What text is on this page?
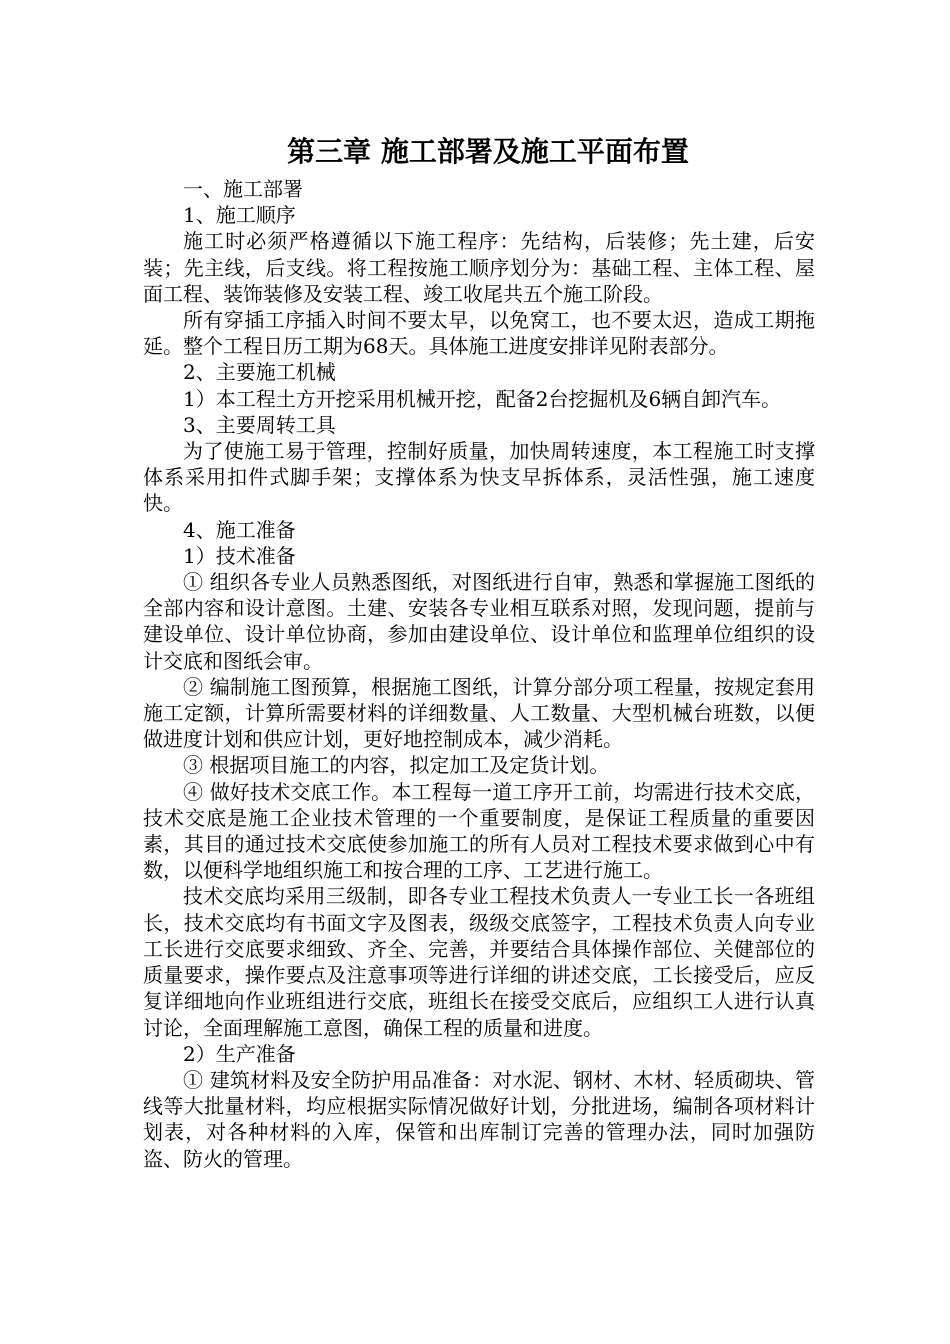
第三章 施工部署及施工平面布置

一、施工部署

1、施工顺序

施工时必须严格遵循以下施工程序：先结构，后装修；先土建，后安装；先主线，后支线。将工程按施工顺序划分为：基础工程、主体工程、屋面工程、装饰装修及安装工程、竣工收尾共五个施工阶段。

所有穿插工序插入时间不要太早，以免窝工，也不要太迟，造成工期拖延。整个工程日历工期为68天。具体施工进度安排详见附表部分。

2、主要施工机械

1）本工程土方开挖采用机械开挖，配备2台挖掘机及6辆自卸汽车。

3、主要周转工具

为了使施工易于管理，控制好质量，加快周转速度，本工程施工时支撑体系采用扣件式脚手架；支撑体系为快支早拆体系，灵活性强，施工速度快。

4、施工准备

1）技术准备

① 组织各专业人员熟悉图纸，对图纸进行自审，熟悉和掌握施工图纸的全部内容和设计意图。土建、安装各专业相互联系对照，发现问题，提前与建设单位、设计单位协商，参加由建设单位、设计单位和监理单位组织的设计交底和图纸会审。

② 编制施工图预算，根据施工图纸，计算分部分项工程量，按规定套用施工定额，计算所需要材料的详细数量、人工数量、大型机械台班数，以便做进度计划和供应计划，更好地控制成本，减少消耗。

③ 根据项目施工的内容，拟定加工及定货计划。

④ 做好技术交底工作。本工程每一道工序开工前，均需进行技术交底，技术交底是施工企业技术管理的一个重要制度，是保证工程质量的重要因素，其目的通过技术交底使参加施工的所有人员对工程技术要求做到心中有数，以便科学地组织施工和按合理的工序、工艺进行施工。

技术交底均采用三级制，即各专业工程技术负责人一专业工长一各班组长，技术交底均有书面文字及图表，级级交底签字，工程技术负责人向专业工长进行交底要求细致、齐全、完善，并要结合具体操作部位、关健部位的质量要求，操作要点及注意事项等进行详细的讲述交底，工长接受后，应反复详细地向作业班组进行交底，班组长在接受交底后，应组织工人进行认真讨论，全面理解施工意图，确保工程的质量和进度。

2）生产准备

① 建筑材料及安全防护用品准备：对水泥、钢材、木材、轻质砌块、管线等大批量材料，均应根据实际情况做好计划，分批进场，编制各项材料计划表，对各种材料的入库，保管和出库制订完善的管理办法，同时加强防盗、防火的管理。
